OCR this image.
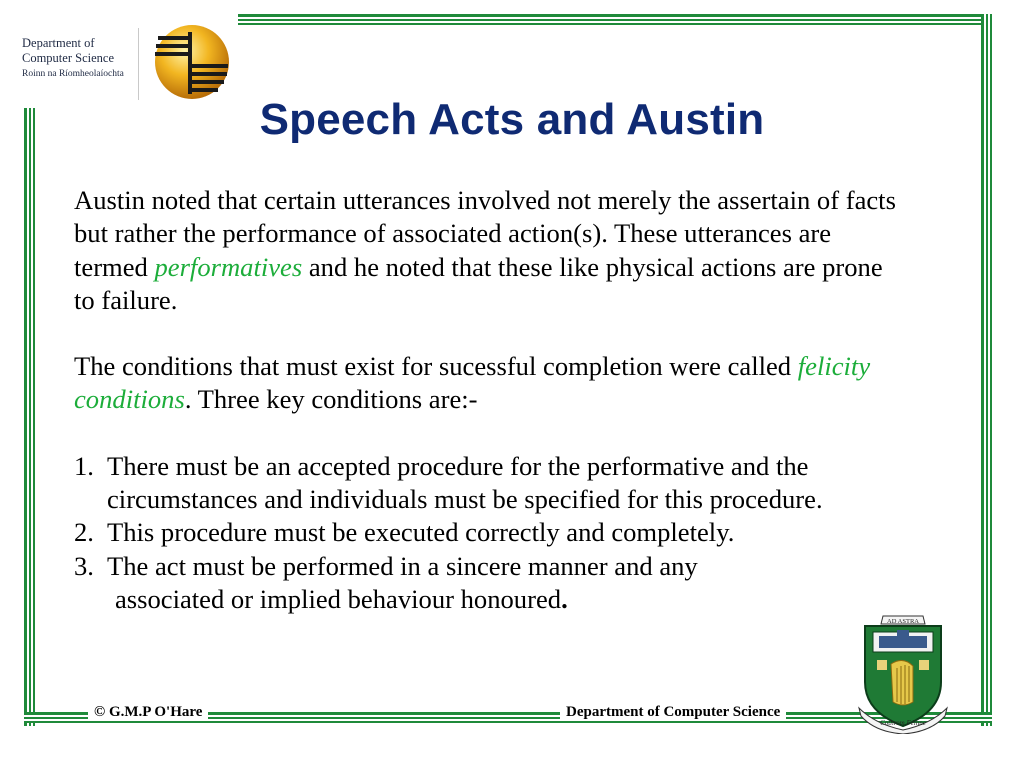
Department of
Computer Science
Roinn na Ríomheolaíochta
Speech Acts and Austin

Austin noted that certain utterances involved not merely the assertain of facts but rather the performance of associated action(s). These utterances are termed performatives and he noted that these like physical actions are prone to failure.

The conditions that must exist for sucessful completion were called felicity conditions. Three key conditions are:-

1. There must be an accepted procedure for the performative and the circumstances and individuals must be specified for this procedure.
2. This procedure must be executed correctly and completely.
3. The act must be performed in a sincere manner and any
associated or implied behaviour honoured.
© G.M.P O'Hare	Department of Computer Science
AD ASTRA
Cothrom Féinne
